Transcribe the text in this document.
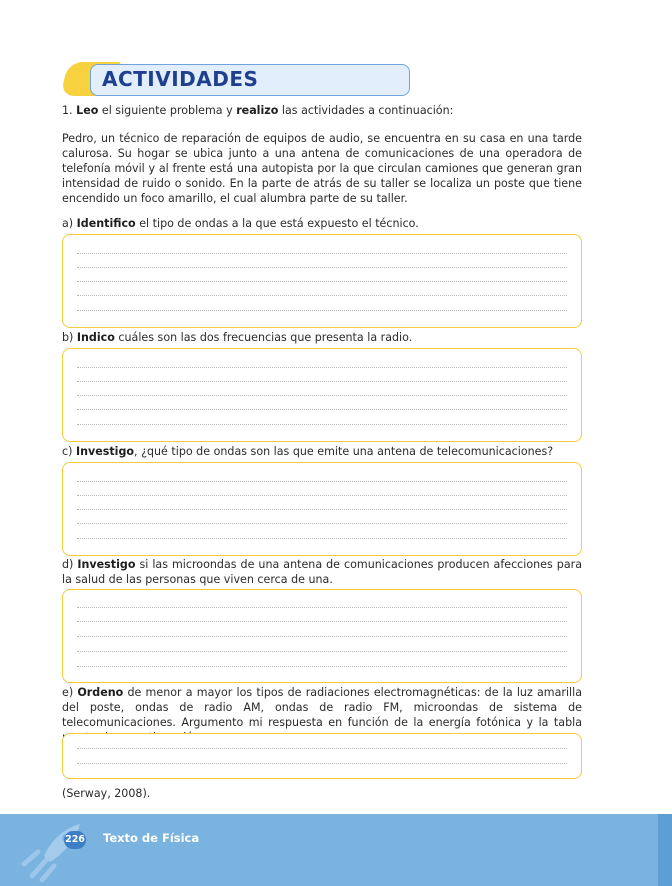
ACTIVIDADES

1. Leo el siguiente problema y realizo las actividades a continuación:

Pedro, un técnico de reparación de equipos de audio, se encuentra en su casa en una tarde calurosa. Su hogar se ubica junto a una antena de comunicaciones de una operadora de telefonía móvil y al frente está una autopista por la que circulan camiones que generan gran intensidad de ruido o sonido. En la parte de atrás de su taller se localiza un poste que tiene encendido un foco amarillo, el cual alumbra parte de su taller.

a) Identifico el tipo de ondas a la que está expuesto el técnico.

b) Indico cuáles son las dos frecuencias que presenta la radio.

c) Investigo, ¿qué tipo de ondas son las que emite una antena de telecomunicaciones?

d) Investigo si las microondas de una antena de comunicaciones producen afecciones para la salud de las personas que viven cerca de una.

e) Ordeno de menor a mayor los tipos de radiaciones electromagnéticas: de la luz amarilla del poste, ondas de radio AM, ondas de radio FM, microondas de sistema de telecomunicaciones. Argumento mi respuesta en función de la energía fotónica y la tabla

(Serway, 2008).
226 Texto de Física
